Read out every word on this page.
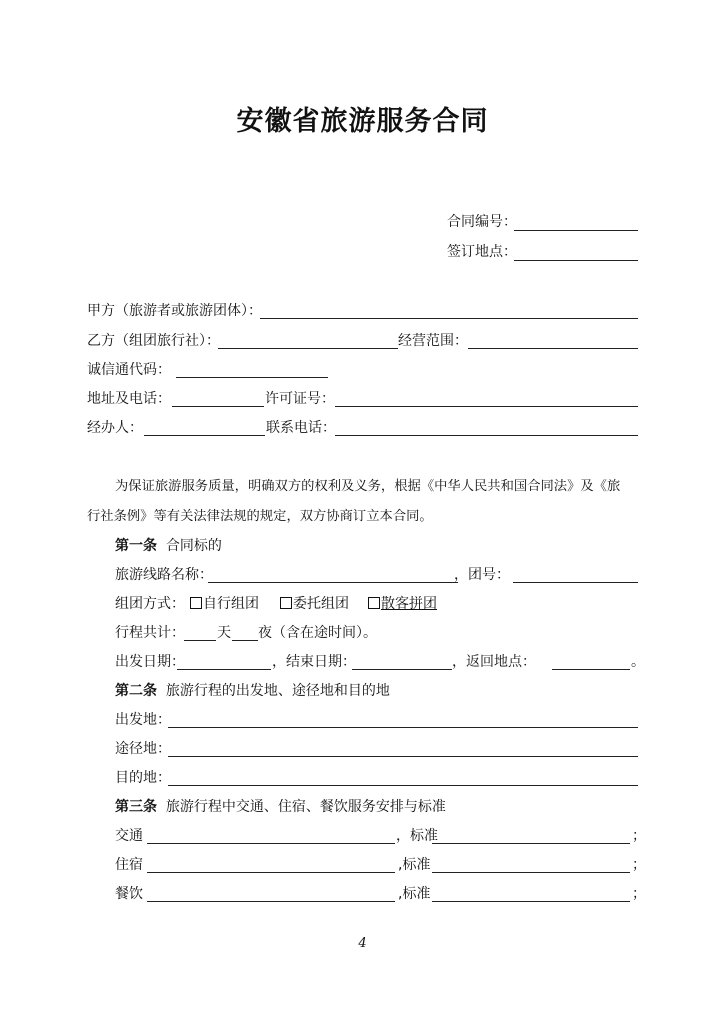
安徽省旅游服务合同
合同编号：
签订地点：
甲方（旅游者或旅游团体）：
乙方（组团旅行社）：	经营范围：
诚信通代码：
地址及电话：	许可证号：
经办人：	联系电话：
为保证旅游服务质量，明确双方的权利及义务，根据《中华人民共和国合同法》及《旅
行社条例》等有关法律法规的规定，双方协商订立本合同。
第一条 合同标的
旅游线路名称：	，团号：
组团方式：	自行组团	委托组团	散客拼团
行程共计： 天 夜（含在途时间）。
出发日期：	，结束日期：	，返回地点：	。
第二条 旅游行程的出发地、途径地和目的地
出发地：
途径地：
目的地：
第三条 旅游行程中交通、住宿、餐饮服务安排与标准
交通	，标准	；
住宿	,标准	；
餐饮	,标准	；
4
